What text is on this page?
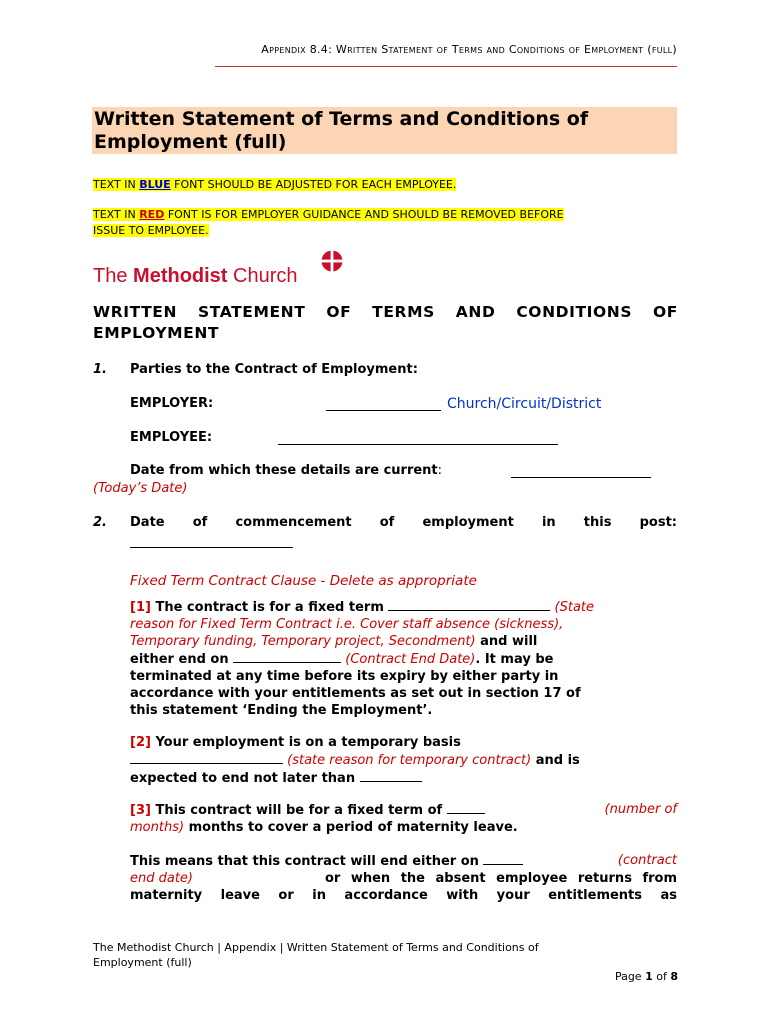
Appendix 8.4: Written Statement of Terms and Conditions of Employment (full)
Written Statement of Terms and Conditions of Employment (full)
TEXT IN BLUE FONT SHOULD BE ADJUSTED FOR EACH EMPLOYEE.
TEXT IN RED FONT IS FOR EMPLOYER GUIDANCE AND SHOULD BE REMOVED BEFORE
ISSUE TO EMPLOYEE.
The Methodist Church
WRITTEN STATEMENT OF TERMS AND CONDITIONS OF
EMPLOYMENT
1. Parties to the Contract of Employment:
EMPLOYER:	Church/Circuit/District
EMPLOYEE:
Date from which these details are current:
(Today’s Date)
2. Date of commencement of employment in this post:
Fixed Term Contract Clause - Delete as appropriate
[1] The contract is for a fixed term	(State
reason for Fixed Term Contract i.e. Cover staff absence (sickness),
Temporary funding, Temporary project, Secondment) and will
either end on	(Contract End Date). It may be
terminated at any time before its expiry by either party in
accordance with your entitlements as set out in section 17 of
this statement ‘Ending the Employment’.
[2] Your employment is on a temporary basis
(state reason for temporary contract) and is
expected to end not later than
[3] This contract will be for a fixed term of	(number of
months) months to cover a period of maternity leave.
This means that this contract will end either on	(contract
end date)	or when the absent employee returns from
maternity leave or in accordance with your entitlements as
The Methodist Church | Appendix | Written Statement of Terms and Conditions of
Employment (full)
Page 1 of 8
